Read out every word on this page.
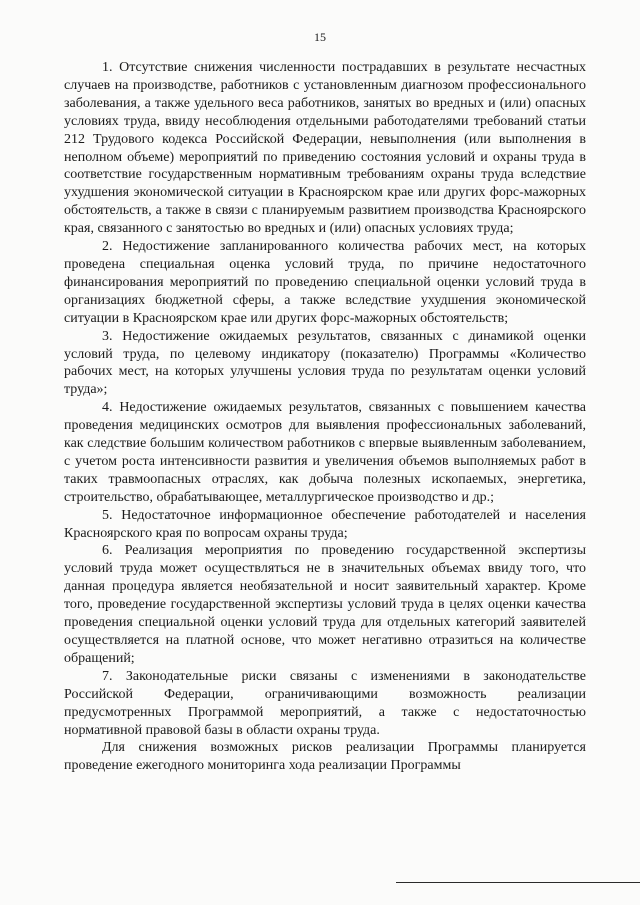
15

1. Отсутствие снижения численности пострадавших в результате несчастных случаев на производстве, работников с установленным диагнозом профессионального заболевания, а также удельного веса работников, занятых во вредных и (или) опасных условиях труда, ввиду несоблюдения отдельными работодателями требований статьи 212 Трудового кодекса Российской Федерации, невыполнения (или выполнения в неполном объеме) мероприятий по приведению состояния условий и охраны труда в соответствие государственным нормативным требованиям охраны труда вследствие ухудшения экономической ситуации в Красноярском крае или других форс-мажорных обстоятельств, а также в связи с планируемым развитием производства Красноярского края, связанного с занятостью во вредных и (или) опасных условиях труда;

2. Недостижение запланированного количества рабочих мест, на которых проведена специальная оценка условий труда, по причине недостаточного финансирования мероприятий по проведению специальной оценки условий труда в организациях бюджетной сферы, а также вследствие ухудшения экономической ситуации в Красноярском крае или других форс-мажорных обстоятельств;

3. Недостижение ожидаемых результатов, связанных с динамикой оценки условий труда, по целевому индикатору (показателю) Программы «Количество рабочих мест, на которых улучшены условия труда по результатам оценки условий труда»;

4. Недостижение ожидаемых результатов, связанных с повышением качества проведения медицинских осмотров для выявления профессиональных заболеваний, как следствие большим количеством работников с впервые выявленным заболеванием, с учетом роста интенсивности развития и увеличения объемов выполняемых работ в таких травмоопасных отраслях, как добыча полезных ископаемых, энергетика, строительство, обрабатывающее, металлургическое производство и др.;

5. Недостаточное информационное обеспечение работодателей и населения Красноярского края по вопросам охраны труда;

6. Реализация мероприятия по проведению государственной экспертизы условий труда может осуществляться не в значительных объемах ввиду того, что данная процедура является необязательной и носит заявительный характер. Кроме того, проведение государственной экспертизы условий труда в целях оценки качества проведения специальной оценки условий труда для отдельных категорий заявителей осуществляется на платной основе, что может негативно отразиться на количестве обращений;

7. Законодательные риски связаны с изменениями в законодательстве Российской Федерации, ограничивающими возможность реализации предусмотренных Программой мероприятий, а также с недостаточностью нормативной правовой базы в области охраны труда.

Для снижения возможных рисков реализации Программы планируется проведение ежегодного мониторинга хода реализации Программы
